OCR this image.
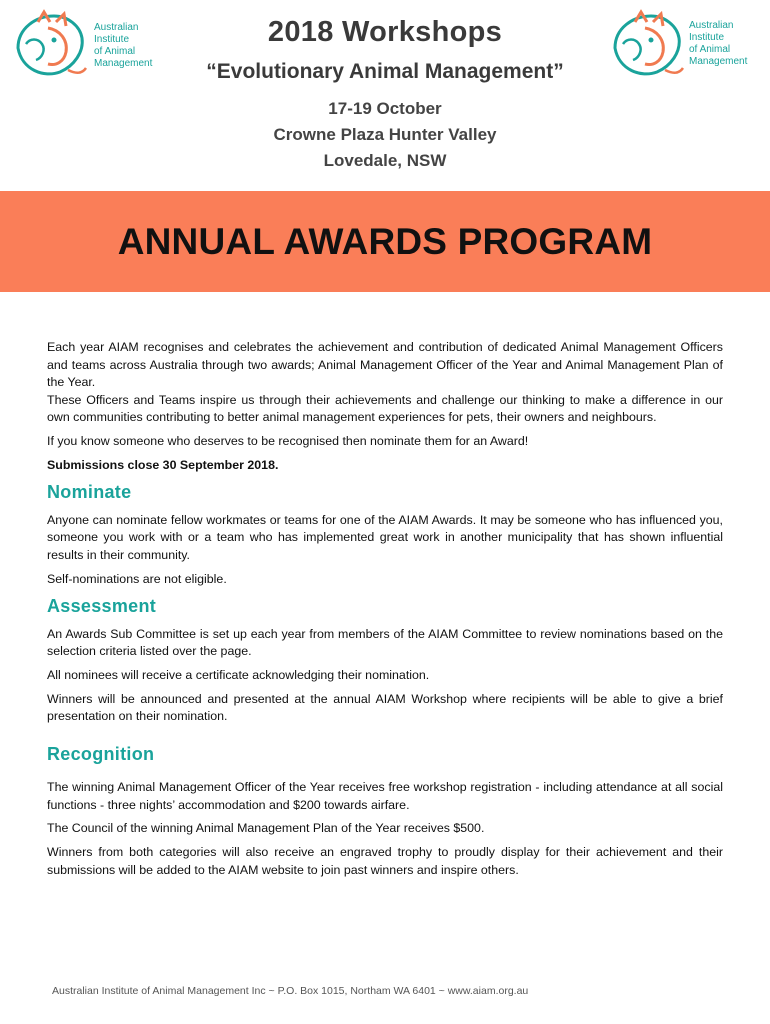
Australian
Institute
of Animal
Management
Australian
Institute
of Animal
Management
2018 Workshops
“Evolutionary Animal Management”
17-19 October
Crowne Plaza Hunter Valley
Lovedale, NSW
ANNUAL AWARDS PROGRAM

Each year AIAM recognises and celebrates the achievement and contribution of dedicated Animal Management Officers and teams across Australia through two awards; Animal Management Officer of the Year and Animal Management Plan of the Year.

These Officers and Teams inspire us through their achievements and challenge our thinking to make a difference in our own communities contributing to better animal management experiences for pets, their owners and neighbours.

If you know someone who deserves to be recognised then nominate them for an Award!

Submissions close 30 September 2018.

Nominate

Anyone can nominate fellow workmates or teams for one of the AIAM Awards. It may be someone who has influenced you, someone you work with or a team who has implemented great work in another municipality that has shown influential results in their community.

Self-nominations are not eligible.

Assessment

An Awards Sub Committee is set up each year from members of the AIAM Committee to review nominations based on the selection criteria listed over the page.

All nominees will receive a certificate acknowledging their nomination.

Winners will be announced and presented at the annual AIAM Workshop where recipients will be able to give a brief presentation on their nomination.

Recognition

The winning Animal Management Officer of the Year receives free workshop registration - including attendance at all social functions - three nights’ accommodation and $200 towards airfare.

The Council of the winning Animal Management Plan of the Year receives $500.

Winners from both categories will also receive an engraved trophy to proudly display for their achievement and their submissions will be added to the AIAM website to join past winners and inspire others.

Australian Institute of Animal Management Inc ~ P.O. Box 1015, Northam WA 6401 ~ www.aiam.org.au
